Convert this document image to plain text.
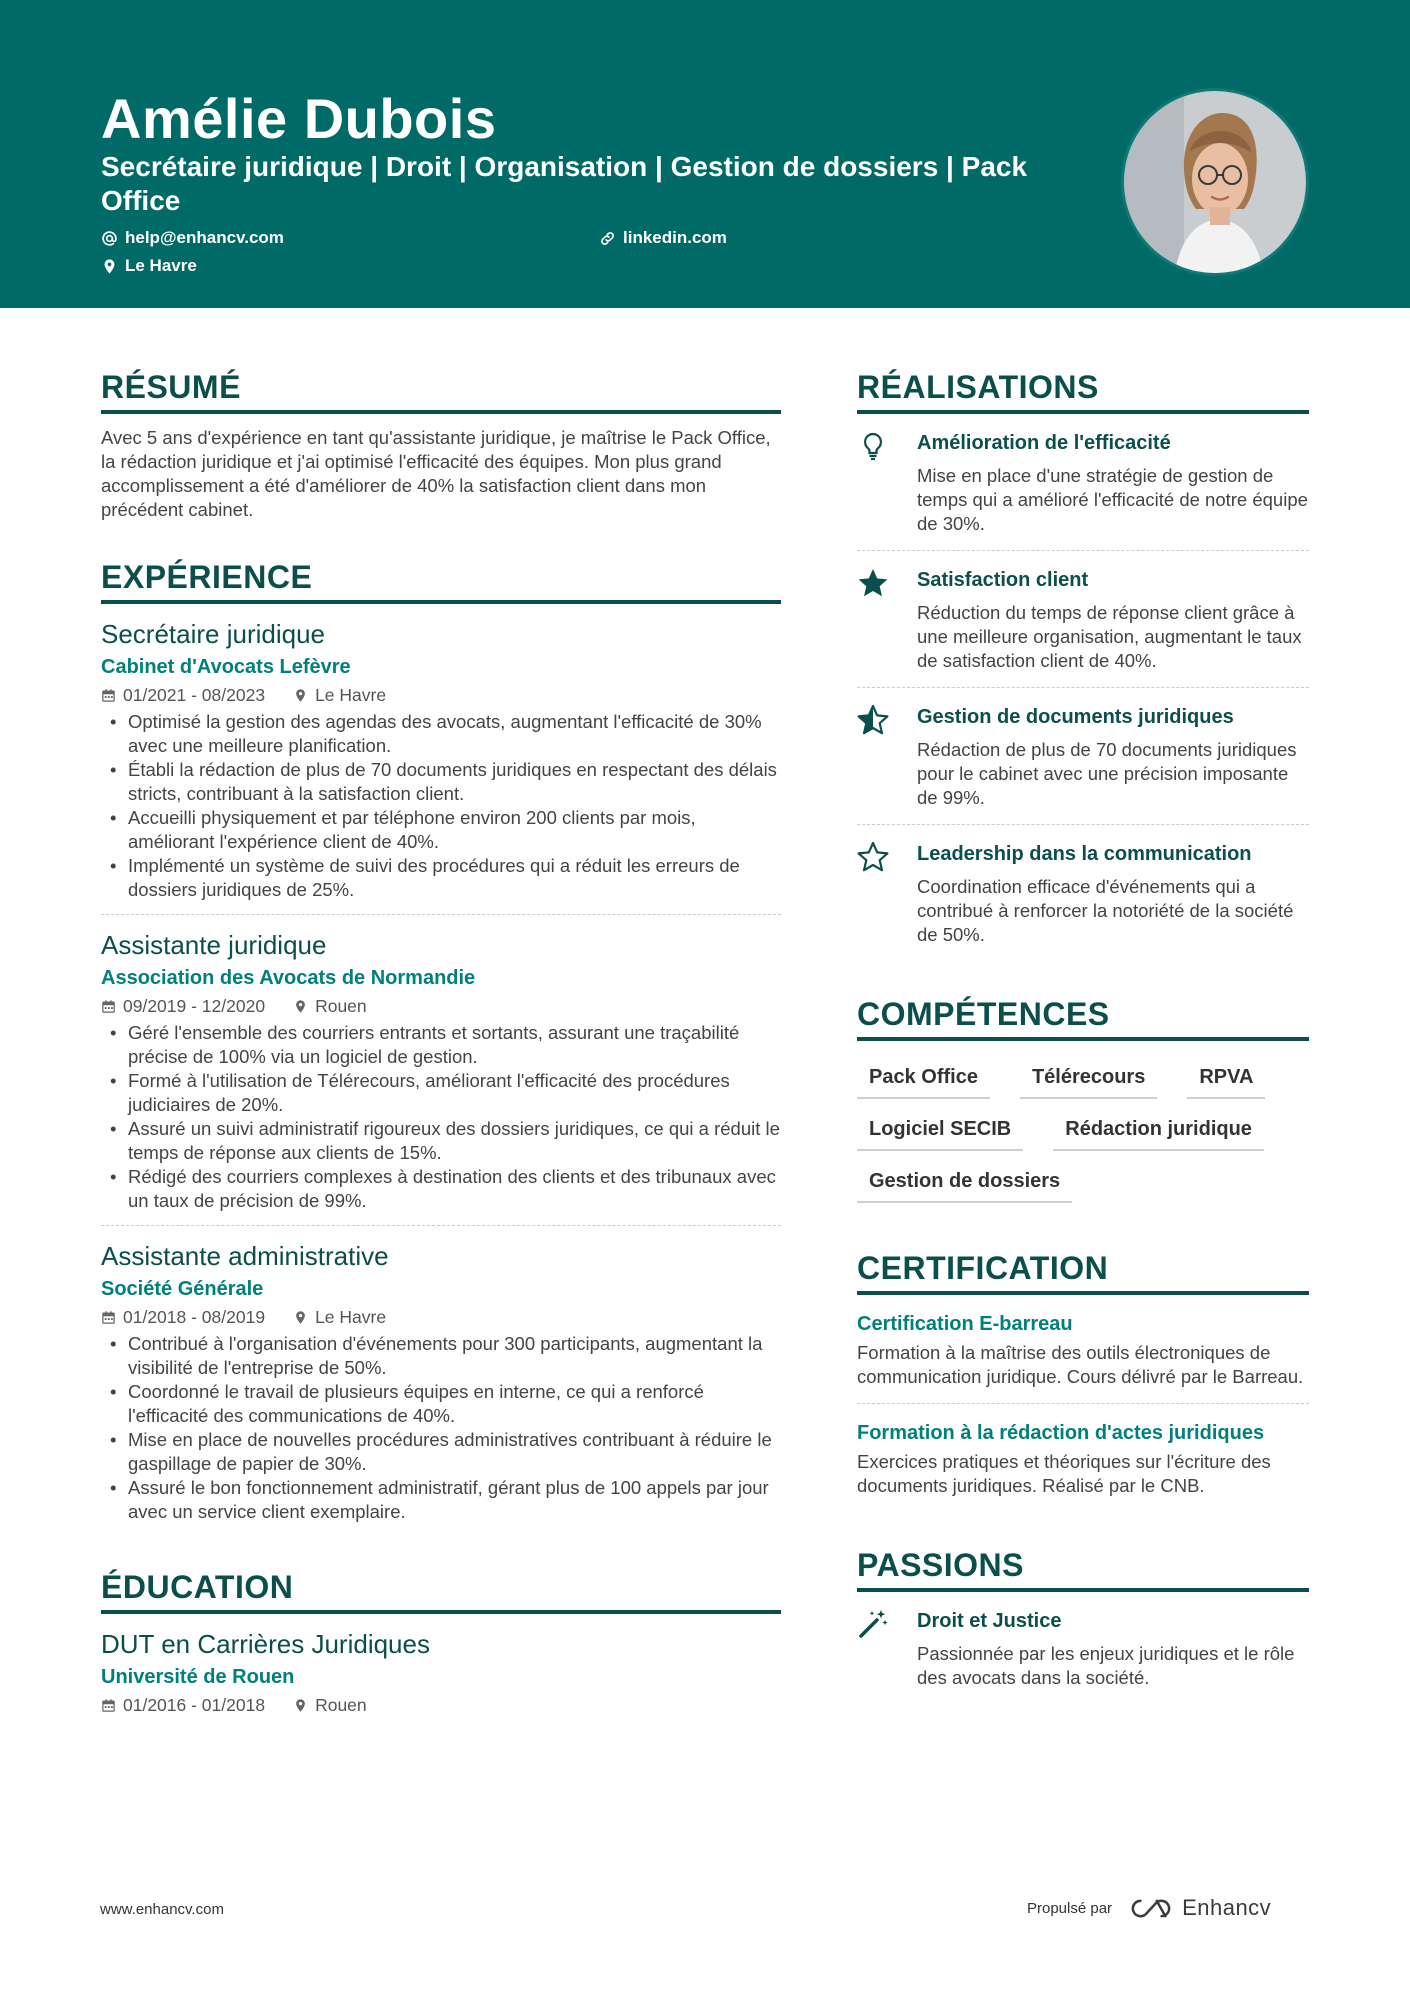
Amélie Dubois
Secrétaire juridique | Droit | Organisation | Gestion de dossiers | Pack Office
help@enhancv.com	linkedin.com
Le Havre
RÉSUMÉ

Avec 5 ans d'expérience en tant qu'assistante juridique, je maîtrise le Pack Office, la rédaction juridique et j'ai optimisé l'efficacité des équipes. Mon plus grand accomplissement a été d'améliorer de 40% la satisfaction client dans mon précédent cabinet.

EXPÉRIENCE
Secrétaire juridique
Cabinet d'Avocats Lefèvre
01/2021 - 08/2023	Le Havre
• Optimisé la gestion des agendas des avocats, augmentant l'efficacité de 30% avec une meilleure planification.
• Établi la rédaction de plus de 70 documents juridiques en respectant des délais stricts, contribuant à la satisfaction client.
• Accueilli physiquement et par téléphone environ 200 clients par mois, améliorant l'expérience client de 40%.
• Implémenté un système de suivi des procédures qui a réduit les erreurs de dossiers juridiques de 25%.
Assistante juridique
Association des Avocats de Normandie
09/2019 - 12/2020	Rouen
• Géré l'ensemble des courriers entrants et sortants, assurant une traçabilité précise de 100% via un logiciel de gestion.
• Formé à l'utilisation de Télérecours, améliorant l'efficacité des procédures judiciaires de 20%.
• Assuré un suivi administratif rigoureux des dossiers juridiques, ce qui a réduit le temps de réponse aux clients de 15%.
• Rédigé des courriers complexes à destination des clients et des tribunaux avec un taux de précision de 99%.
Assistante administrative
Société Générale
01/2018 - 08/2019	Le Havre
• Contribué à l'organisation d'événements pour 300 participants, augmentant la visibilité de l'entreprise de 50%.
• Coordonné le travail de plusieurs équipes en interne, ce qui a renforcé l'efficacité des communications de 40%.
• Mise en place de nouvelles procédures administratives contribuant à réduire le gaspillage de papier de 30%.
• Assuré le bon fonctionnement administratif, gérant plus de 100 appels par jour avec un service client exemplaire.
ÉDUCATION
DUT en Carrières Juridiques
Université de Rouen
01/2016 - 01/2018	Rouen
RÉALISATIONS
Amélioration de l'efficacité
Mise en place d'une stratégie de gestion de temps qui a amélioré l'efficacité de notre équipe de 30%.
Satisfaction client
Réduction du temps de réponse client grâce à une meilleure organisation, augmentant le taux de satisfaction client de 40%.
Gestion de documents juridiques
Rédaction de plus de 70 documents juridiques pour le cabinet avec une précision imposante de 99%.
Leadership dans la communication
Coordination efficace d'événements qui a contribué à renforcer la notoriété de la société de 50%.
COMPÉTENCES
Pack Office	Télérecours	RPVA
Logiciel SECIB	Rédaction juridique
Gestion de dossiers
CERTIFICATION
Certification E-barreau
Formation à la maîtrise des outils électroniques de communication juridique. Cours délivré par le Barreau.
Formation à la rédaction d'actes juridiques
Exercices pratiques et théoriques sur l'écriture des documents juridiques. Réalisé par le CNB.
PASSIONS
Droit et Justice
Passionnée par les enjeux juridiques et le rôle des avocats dans la société.
www.enhancv.com	Propulsé par	Enhancv
